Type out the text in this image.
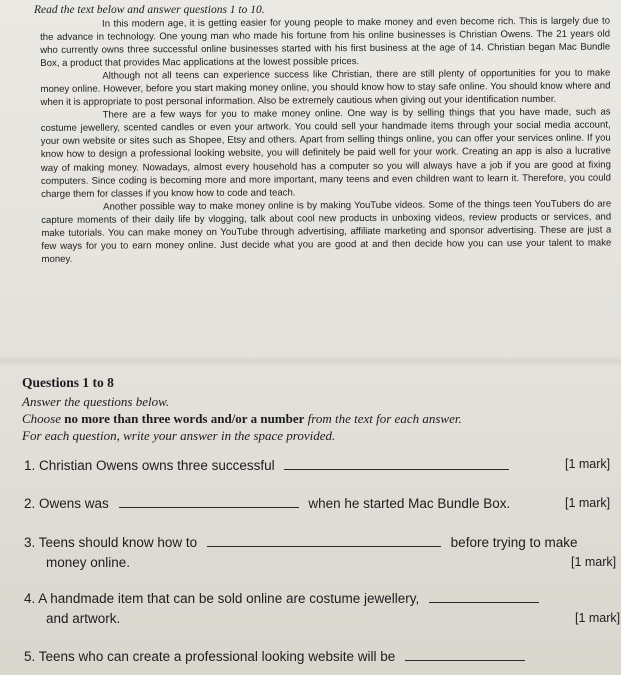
Read the text below and answer questions 1 to 10.

In this modern age, it is getting easier for young people to make money and even become rich. This is largely due to the advance in technology. One young man who made his fortune from his online businesses is Christian Owens. The 21 years old who currently owns three successful online businesses started with his first business at the age of 14. Christian began Mac Bundle Box, a product that provides Mac applications at the lowest possible prices.

Although not all teens can experience success like Christian, there are still plenty of opportunities for you to make money online. However, before you start making money online, you should know how to stay safe online. You should know where and when it is appropriate to post personal information. Also be extremely cautious when giving out your identification number.

There are a few ways for you to make money online. One way is by selling things that you have made, such as costume jewellery, scented candles or even your artwork. You could sell your handmade items through your social media account, your own website or sites such as Shopee, Etsy and others. Apart from selling things online, you can offer your services online. If you know how to design a professional looking website, you will definitely be paid well for your work. Creating an app is also a lucrative way of making money. Nowadays, almost every household has a computer so you will always have a job if you are good at fixing computers. Since coding is becoming more and more important, many teens and even children want to learn it. Therefore, you could charge them for classes if you know how to code and teach.

Another possible way to make money online is by making YouTube videos. Some of the things teen YouTubers do are capture moments of their daily life by vlogging, talk about cool new products in unboxing videos, review products or services, and make tutorials. You can make money on YouTube through advertising, affiliate marketing and sponsor advertising. These are just a few ways for you to earn money online. Just decide what you are good at and then decide how you can use your talent to make money.

Questions 1 to 8

Answer the questions below.

Choose no more than three words and/or a number from the text for each answer.

For each question, write your answer in the space provided.

1. Christian Owens owns three successful	[1 mark]
2. Owens was	when he started Mac Bundle Box.	[1 mark]
3. Teens should know how to	before trying to make
money online.	[1 mark]
4. A handmade item that can be sold online are costume jewellery,
and artwork.	[1 mark]
5. Teens who can create a professional looking website will be
